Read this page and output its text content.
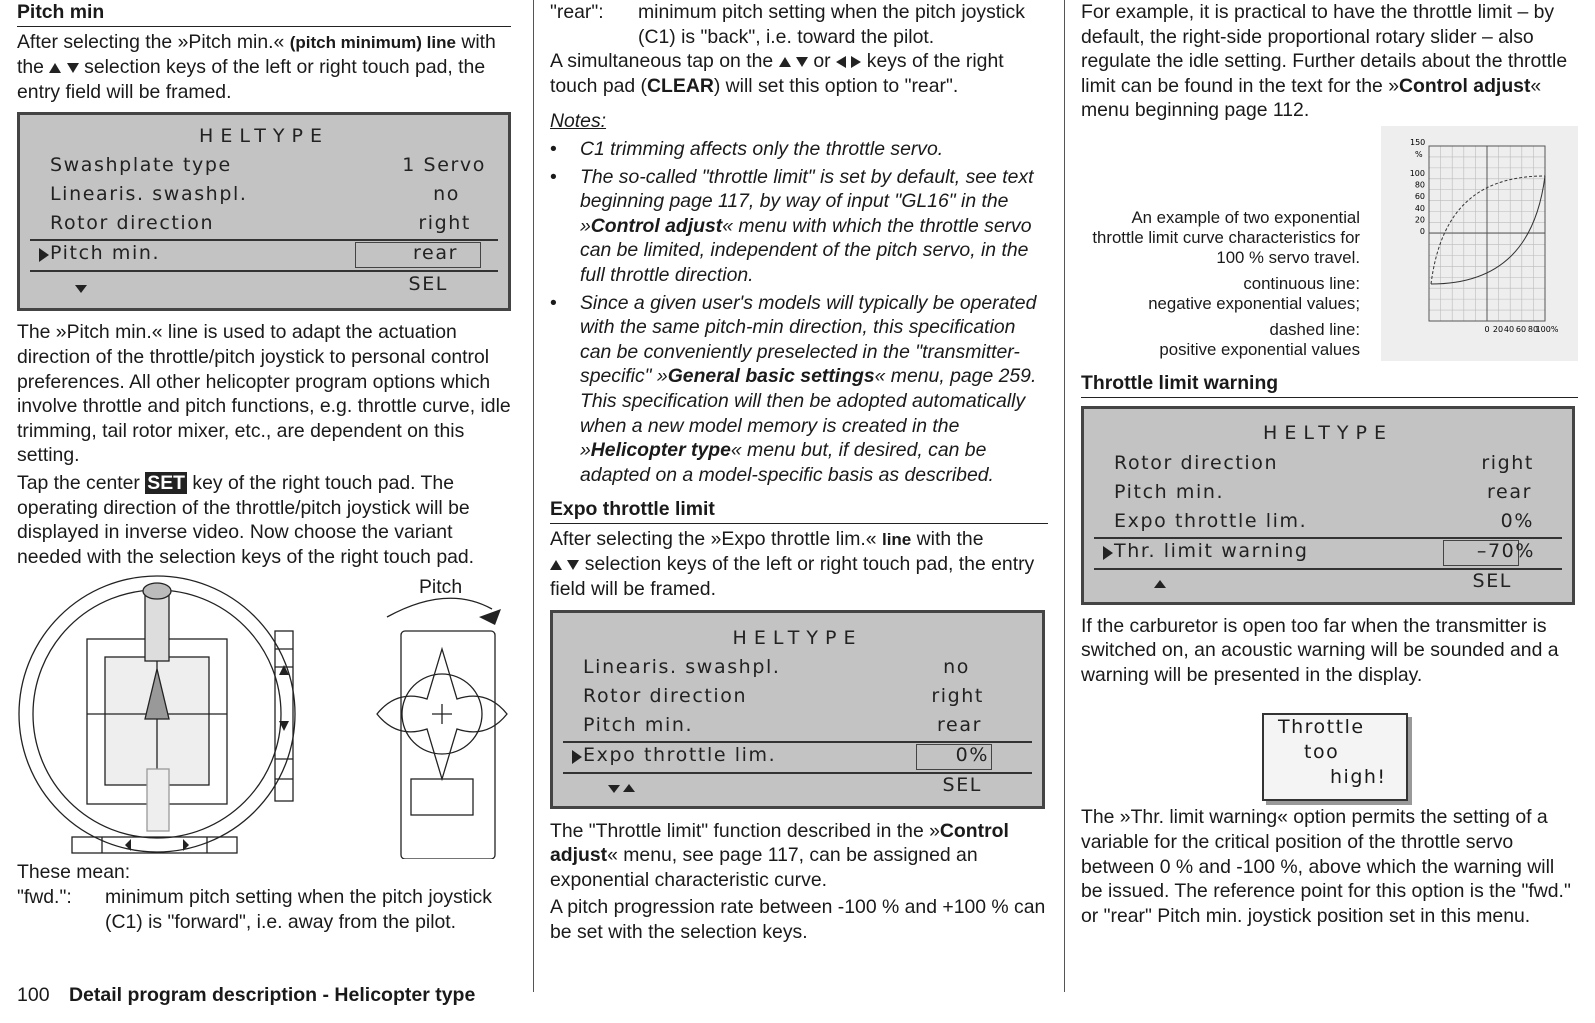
Pitch min

After selecting the »Pitch min.« (pitch minimum) line with the selection keys of the left or right touch pad, the entry field will be framed.

HELTYPE
Swashplate type	1 Servo
Linearis. swashpl.	no
Rotor direction	right
Pitch min.	rear
SEL

The »Pitch min.« line is used to adapt the actuation direction of the throttle/pitch joystick to personal control preferences. All other helicopter program options which involve throttle and pitch functions, e.g. throttle curve, idle trimming, tail rotor mixer, etc., are dependent on this setting.

Tap the center SET key of the right touch pad. The operating direction of the throttle/pitch joystick will be displayed in inverse video. Now choose the variant needed with the selection keys of the right touch pad.

Pitch

These mean:

"fwd.": minimum pitch setting when the pitch joystick (C1) is "forward", i.e. away from the pilot.
"rear": minimum pitch setting when the pitch joystick (C1) is "back", i.e. toward the pilot.

A simultaneous tap on the or keys of the right touch pad (CLEAR) will set this option to "rear".

Notes:

• C1 trimming affects only the throttle servo.
• The so-called "throttle limit" is set by default, see text beginning page 117, by way of input "GL16" in the »Control adjust« menu with which the throttle servo can be limited, independent of the pitch servo, in the full throttle direction.
• Since a given user's models will typically be operated with the same pitch-min direction, this specification can be conveniently preselected in the "transmitter-specific" »General basic settings« menu, page 259. This specification will then be adopted automatically when a new model memory is created in the »Helicopter type« menu but, if desired, can be adapted on a model-specific basis as described.
Expo throttle limit

After selecting the »Expo throttle lim.« line with the
selection keys of the left or right touch pad, the entry field will be framed.

HELTYPE
Linearis. swashpl.	no
Rotor direction	right
Pitch min.	rear
Expo throttle lim.	0%
SEL

The "Throttle limit" function described in the »Control adjust« menu, see page 117, can be assigned an exponential characteristic curve.

A pitch progression rate between -100 % and +100 % can be set with the selection keys.

For example, it is practical to have the throttle limit – by default, the right-side proportional rotary slider – also regulate the idle setting. Further details about the throttle limit can be found in the text for the »Control adjust« menu beginning page 112.

An example of two exponential throttle limit curve characteristics for 100 % servo travel.
continuous line:
negative exponential values;
dashed line:
positive exponential values
150
%
100
80
60
40
20
0
0 20 40 60 80
100%
Throttle limit warning
HELTYPE
Rotor direction	right
Pitch min.	rear
Expo throttle lim.	0%
Thr. limit warning	–70%
SEL

If the carburetor is open too far when the transmitter is switched on, an acoustic warning will be sounded and a warning will be presented in the display.

The »Thr. limit warning« option permits the setting of a variable for the critical position of the throttle servo between 0 % and -100 %, above which the warning will be issued. The reference point for this option is the "fwd." or "rear" Pitch min. joystick position set in this menu.

Throttle
too
high!
100 Detail program description - Helicopter type
